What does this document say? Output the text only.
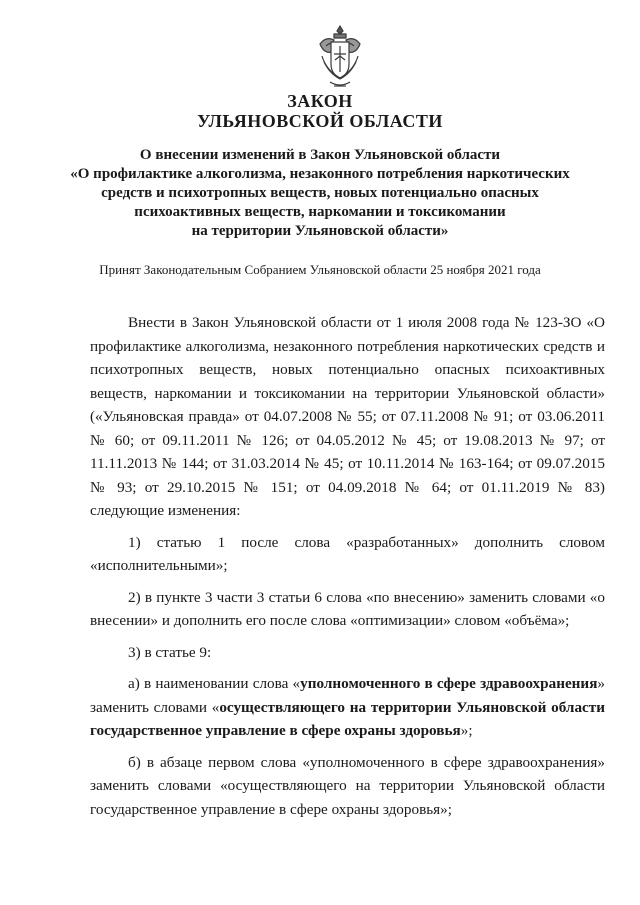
ЗАКОН
УЛЬЯНОВСКОЙ ОБЛАСТИ
О внесении изменений в Закон Ульяновской области
«О профилактике алкоголизма, незаконного потребления наркотических
средств и психотропных веществ, новых потенциально опасных
психоактивных веществ, наркомании и токсикомании
на территории Ульяновской области»
Принят Законодательным Собранием Ульяновской области 25 ноября 2021 года

Внести в Закон Ульяновской области от 1 июля 2008 года № 123-ЗО «О профилактике алкоголизма, незаконного потребления наркотических средств и психотропных веществ, новых потенциально опасных психоактивных веществ, наркомании и токсикомании на территории Ульяновской области» («Ульяновская правда» от 04.07.2008 № 55; от 07.11.2008 № 91; от 03.06.2011 № 60; от 09.11.2011 № 126; от 04.05.2012 № 45; от 19.08.2013 № 97; от 11.11.2013 № 144; от 31.03.2014 № 45; от 10.11.2014 № 163-164; от 09.07.2015 № 93; от 29.10.2015 № 151; от 04.09.2018 № 64; от 01.11.2019 № 83) следующие изменения:

1) статью 1 после слова «разработанных» дополнить словом «исполнительными»;

2) в пункте 3 части 3 статьи 6 слова «по внесению» заменить словами «о внесении» и дополнить его после слова «оптимизации» словом «объёма»;

3) в статье 9:

а) в наименовании слова «уполномоченного в сфере здравоохранения» заменить словами «осуществляющего на территории Ульяновской области государственное управление в сфере охраны здоровья»;

б) в абзаце первом слова «уполномоченного в сфере здравоохранения» заменить словами «осуществляющего на территории Ульяновской области государственное управление в сфере охраны здоровья»;
